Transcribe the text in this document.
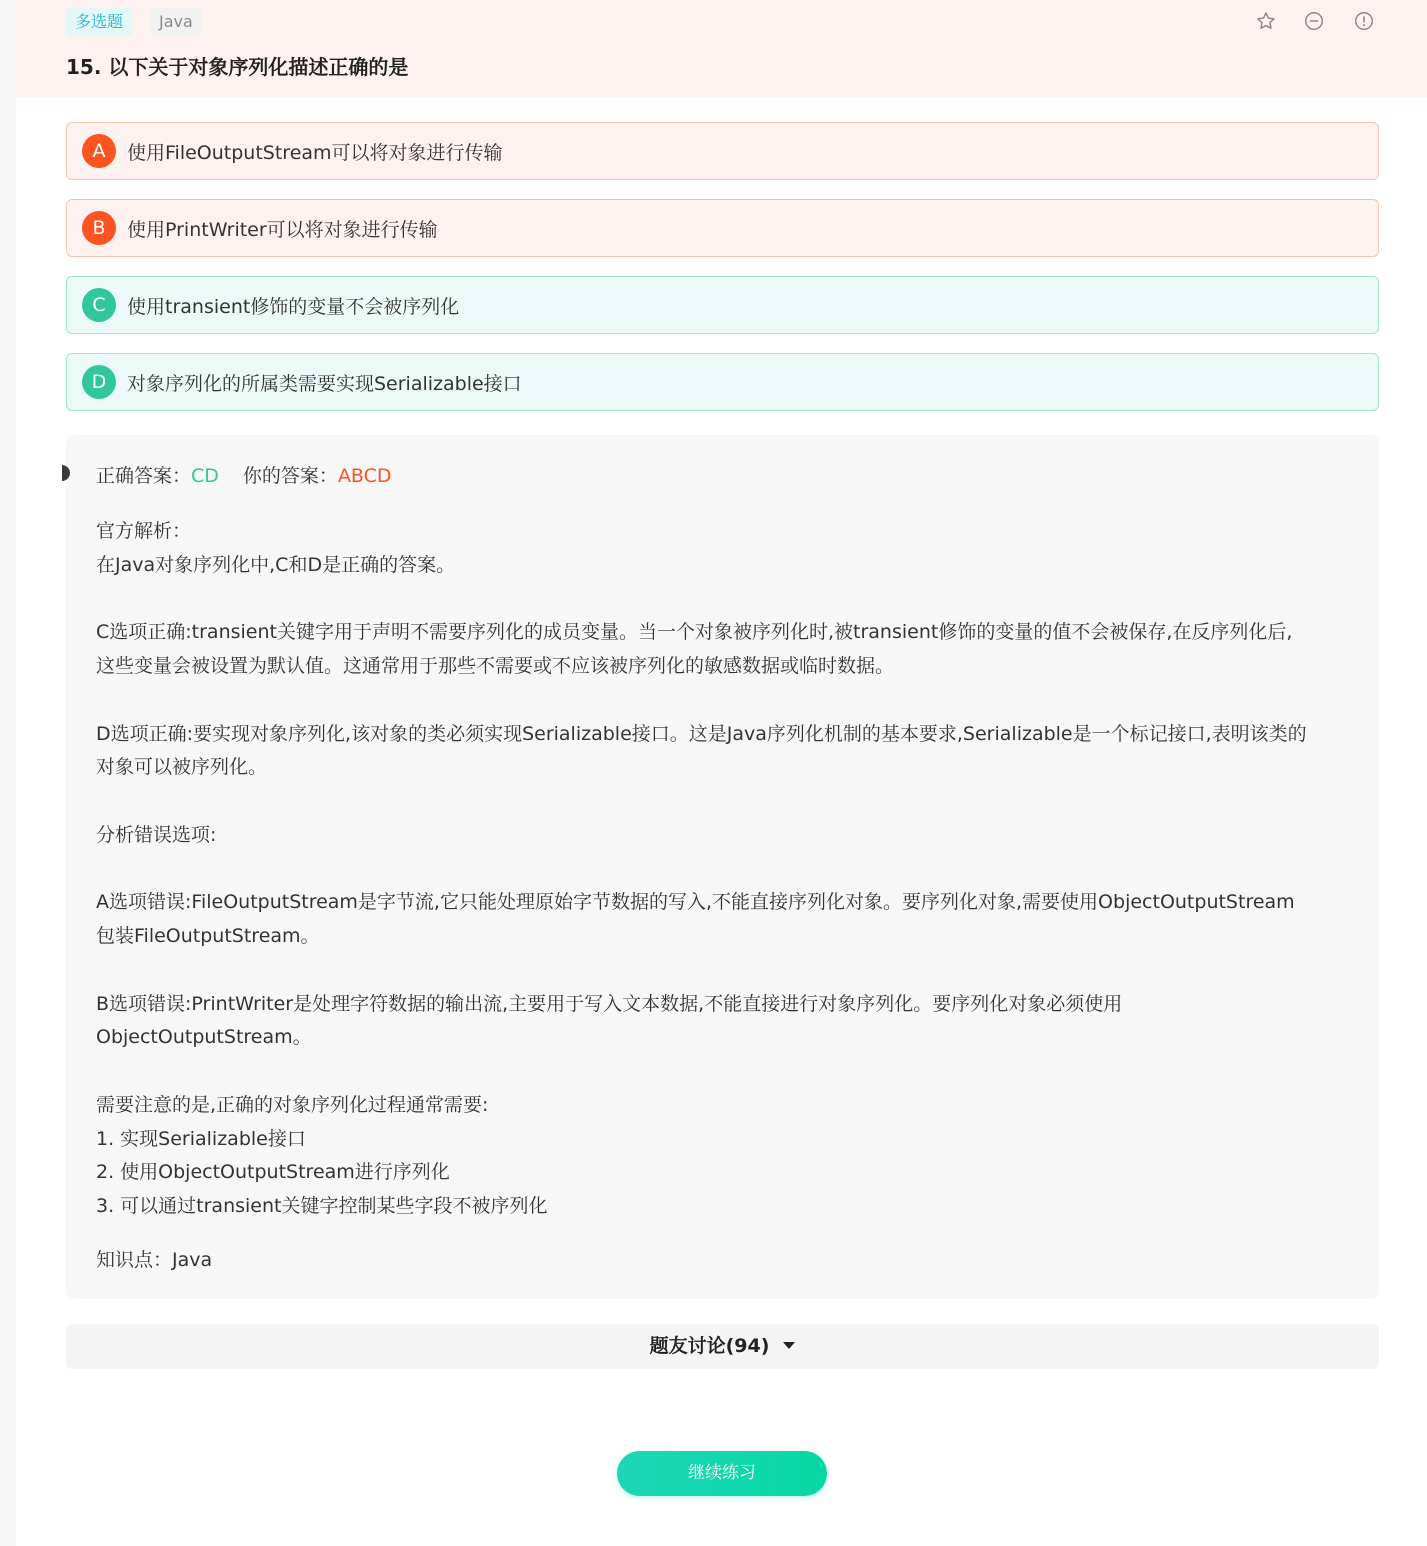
多选题	Java
15. 以下关于对象序列化描述正确的是
A	使用FileOutputStream可以将对象进行传输
B	使用PrintWriter可以将对象进行传输
C	使用transient修饰的变量不会被序列化
D	对象序列化的所属类需要实现Serializable接口
正确答案：CD 你的答案：ABCD
官方解析：
在Java对象序列化中,C和D是正确的答案。
C选项正确:transient关键字用于声明不需要序列化的成员变量。当一个对象被序列化时,被transient修饰的变量的值不会被保存,在反序列化后,
这些变量会被设置为默认值。这通常用于那些不需要或不应该被序列化的敏感数据或临时数据。
D选项正确:要实现对象序列化,该对象的类必须实现Serializable接口。这是Java序列化机制的基本要求,Serializable是一个标记接口,表明该类的
对象可以被序列化。
分析错误选项:
A选项错误:FileOutputStream是字节流,它只能处理原始字节数据的写入,不能直接序列化对象。要序列化对象,需要使用ObjectOutputStream
包装FileOutputStream。
B选项错误:PrintWriter是处理字符数据的输出流,主要用于写入文本数据,不能直接进行对象序列化。要序列化对象必须使用
ObjectOutputStream。
需要注意的是,正确的对象序列化过程通常需要:
1. 实现Serializable接口
2. 使用ObjectOutputStream进行序列化
3. 可以通过transient关键字控制某些字段不被序列化
知识点：Java
题友讨论(94)
继续练习
